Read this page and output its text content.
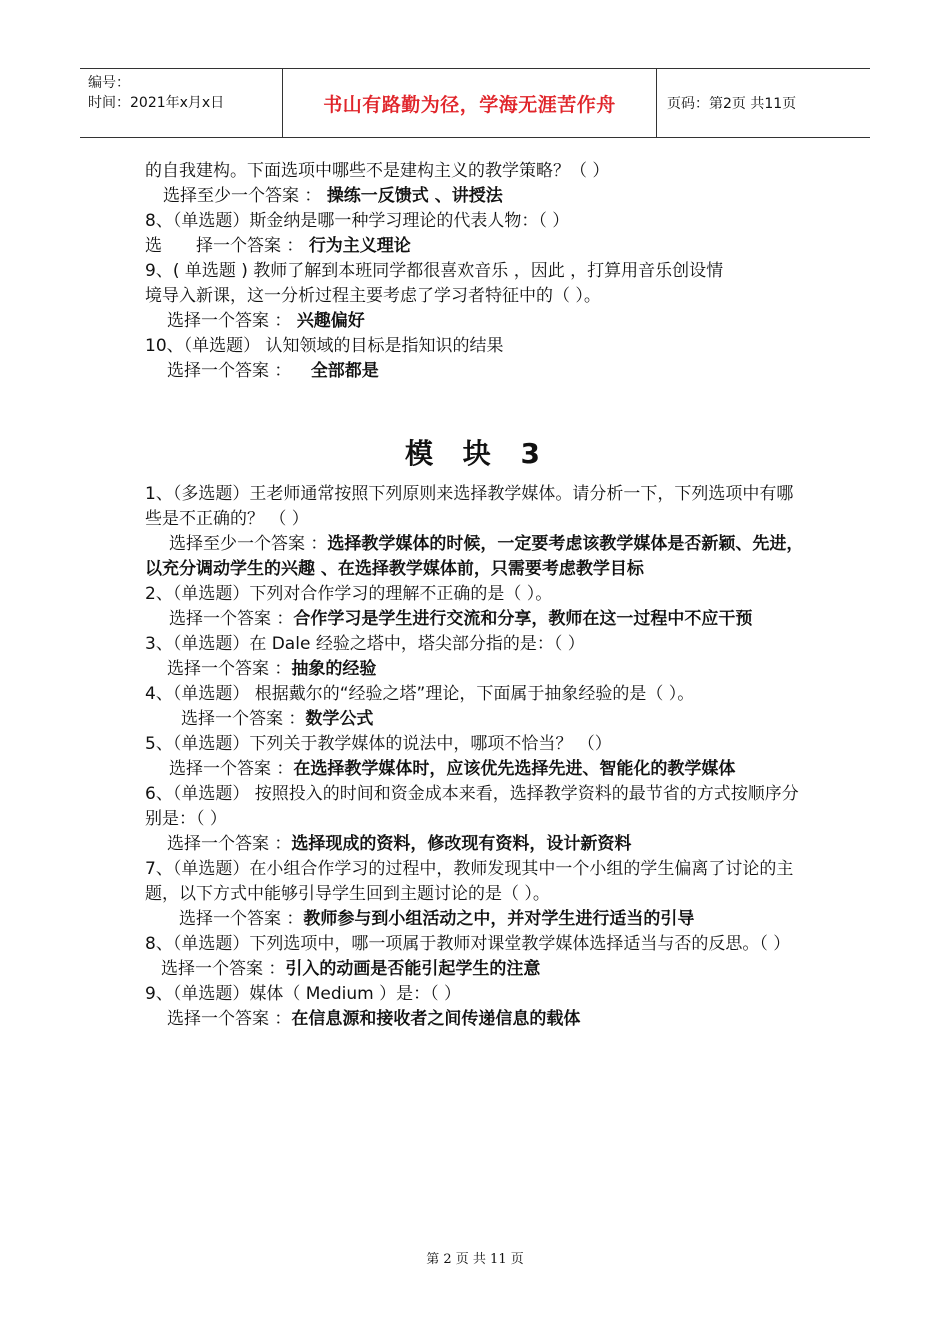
编号：
时间：2021年x月x日	书山有路勤为径，学海无涯苦作舟	页码：第2页 共11页
的自我建构。下面选项中哪些不是建构主义的教学策略？（ ）
选择至少一个答案 ： 操练一反馈式 、讲授法
8、（单选题）斯金纳是哪一种学习理论的代表人物：（ ）
选　　择一个答案 ： 行为主义理论
9、( 单选题 ) 教师了解到本班同学都很喜欢音乐 ，因此 ，打算用音乐创设情
境导入新课，这一分析过程主要考虑了学习者特征中的（ ）。
选择一个答案 ： 兴趣偏好
10、（单选题） 认知领域的目标是指知识的结果
选择一个答案 ： 全部都是
模 块 3
1、（多选题）王老师通常按照下列原则来选择教学媒体。请分析一下，下列选项中有哪些是不正确的？ （ ）
选择至少一个答案 ：选择教学媒体的时候，一定要考虑该教学媒体是否新颖、先进，以充分调动学生的兴趣 、在选择教学媒体前，只需要考虑教学目标
2、（单选题）下列对合作学习的理解不正确的是（ ）。
选择一个答案 ：合作学习是学生进行交流和分享，教师在这一过程中不应干预
3、（单选题）在 Dale 经验之塔中，塔尖部分指的是：（ ）
选择一个答案 ：抽象的经验
4、（单选题） 根据戴尔的“经验之塔”理论，下面属于抽象经验的是（ ）。
选择一个答案 ：数学公式
5、（单选题）下列关于教学媒体的说法中，哪项不恰当？ （）
选择一个答案 ：在选择教学媒体时，应该优先选择先进、智能化的教学媒体
6、（单选题） 按照投入的时间和资金成本来看，选择教学资料的最节省的方式按顺序分别是：（ ）
选择一个答案 ：选择现成的资料，修改现有资料，设计新资料
7、（单选题）在小组合作学习的过程中，教师发现其中一个小组的学生偏离了讨论的主题，以下方式中能够引导学生回到主题讨论的是（ ）。
选择一个答案 ：教师参与到小组活动之中，并对学生进行适当的引导
8、（单选题）下列选项中，哪一项属于教师对课堂教学媒体选择适当与否的反思。（ ）
选择一个答案 ：引入的动画是否能引起学生的注意
9、（单选题）媒体（ Medium ）是：（ ）
选择一个答案 ：在信息源和接收者之间传递信息的载体
第 2 页 共 11 页
